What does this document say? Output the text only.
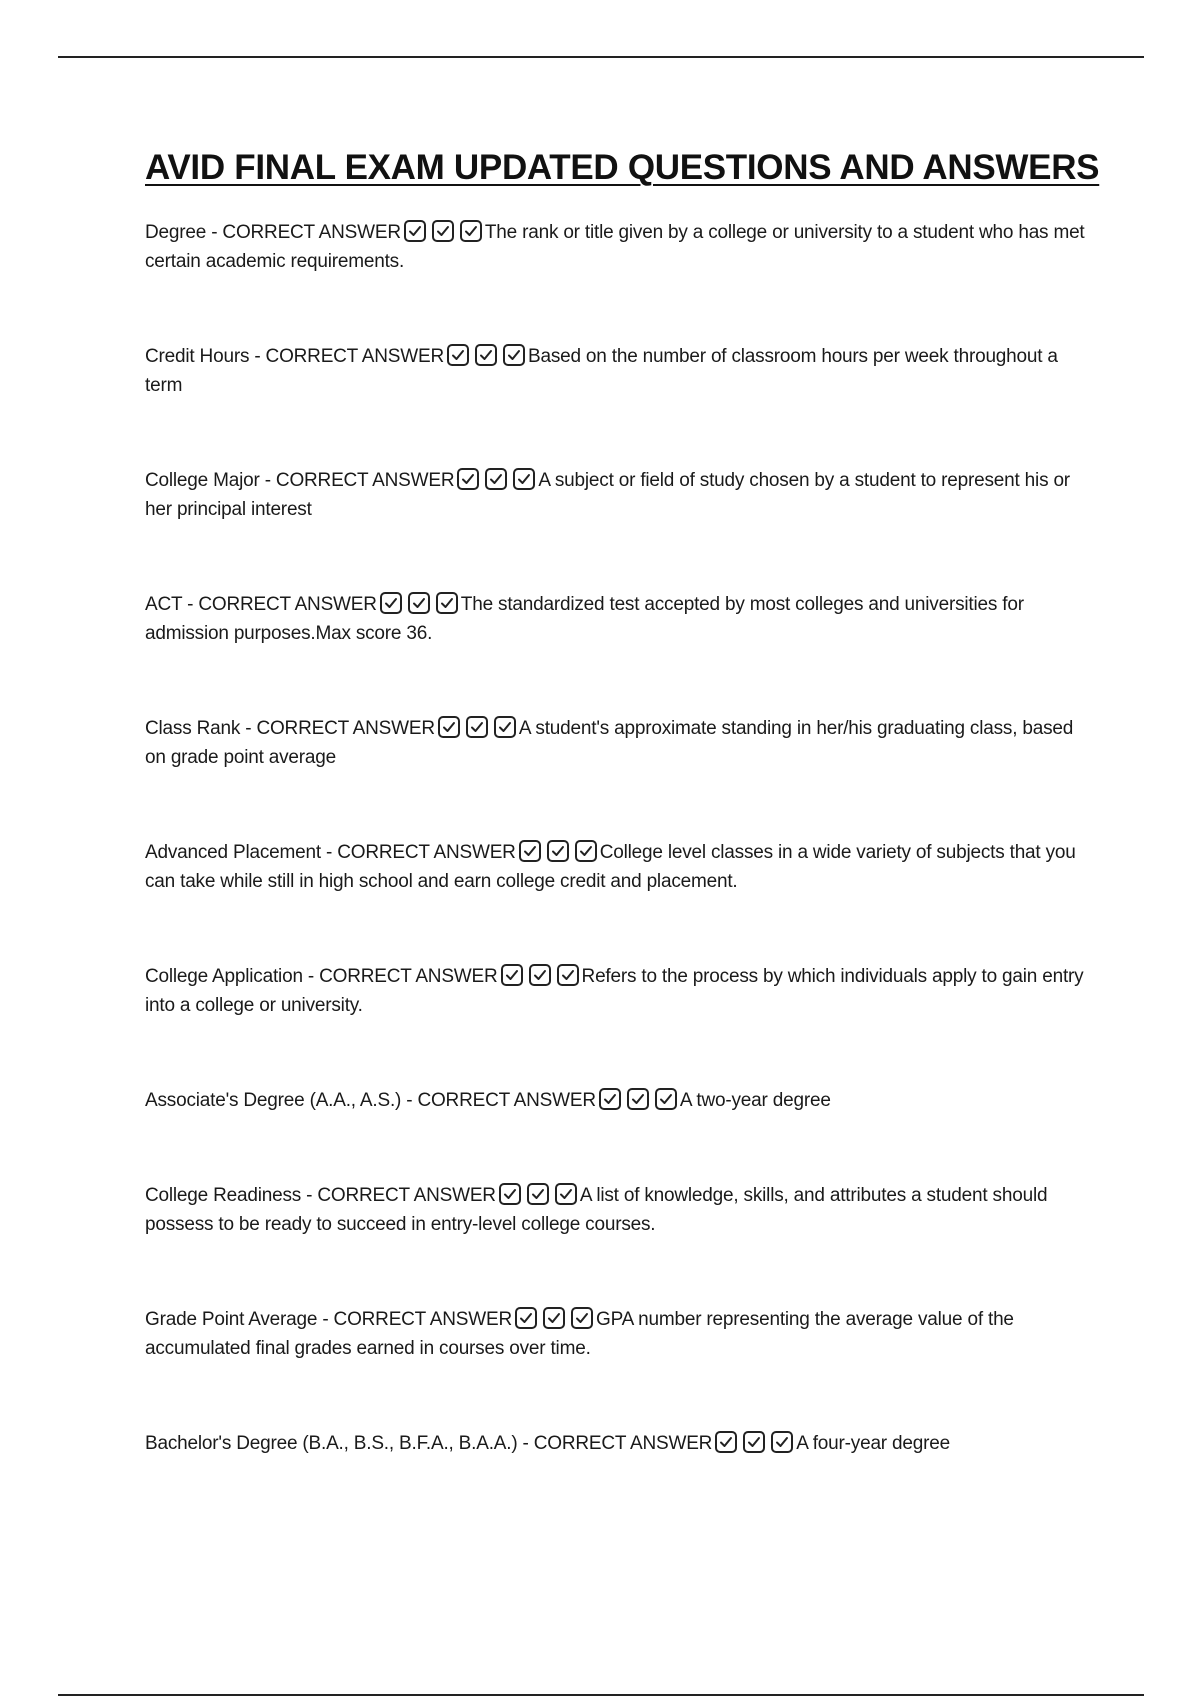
AVID FINAL EXAM UPDATED QUESTIONS AND ANSWERS

Degree - CORRECT ANSWER	The rank or title given by a college or university to a student who has met certain academic requirements.

Credit Hours - CORRECT ANSWER	Based on the number of classroom hours per week throughout a term

College Major - CORRECT ANSWER	A subject or field of study chosen by a student to represent his or her principal interest

ACT - CORRECT ANSWER	The standardized test accepted by most colleges and universities for admission purposes.Max score 36.

Class Rank - CORRECT ANSWER	A student's approximate standing in her/his graduating class, based on grade point average

Advanced Placement - CORRECT ANSWER	College level classes in a wide variety of subjects that you can take while still in high school and earn college credit and placement.

College Application - CORRECT ANSWER	Refers to the process by which individuals apply to gain entry into a college or university.

Associate's Degree (A.A., A.S.) - CORRECT ANSWER	A two-year degree

College Readiness - CORRECT ANSWER	A list of knowledge, skills, and attributes a student should possess to be ready to succeed in entry-level college courses.

Grade Point Average - CORRECT ANSWER	GPA number representing the average value of the accumulated final grades earned in courses over time.

Bachelor's Degree (B.A., B.S., B.F.A., B.A.A.) - CORRECT ANSWER	A four-year degree
